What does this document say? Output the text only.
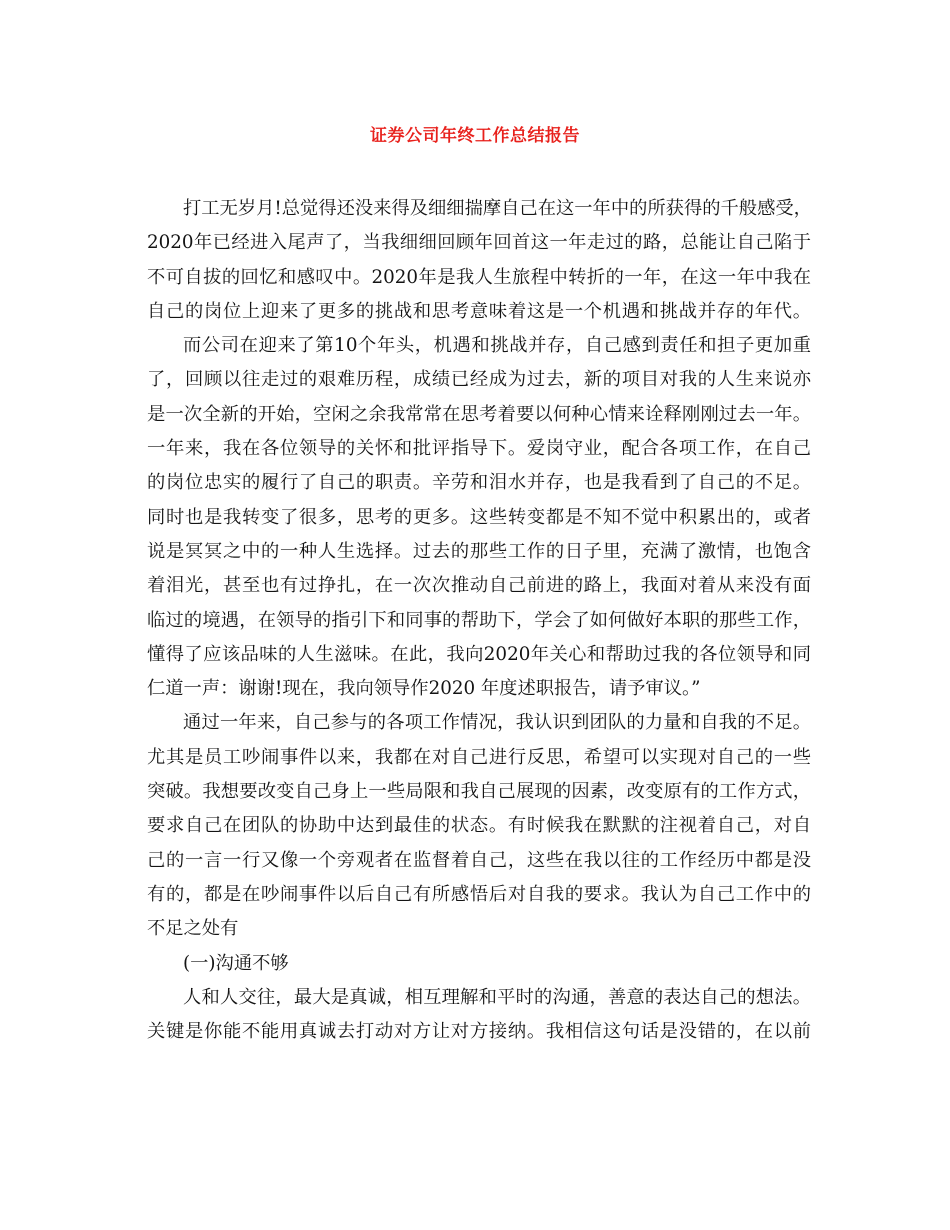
证券公司年终工作总结报告
打工无岁月!总觉得还没来得及细细揣摩自己在这一年中的所获得的千般感受，
2020年已经进入尾声了，当我细细回顾年回首这一年走过的路，总能让自己陷于
不可自拔的回忆和感叹中。2020年是我人生旅程中转折的一年，在这一年中我在
自己的岗位上迎来了更多的挑战和思考意味着这是一个机遇和挑战并存的年代。
而公司在迎来了第10个年头，机遇和挑战并存，自己感到责任和担子更加重
了，回顾以往走过的艰难历程，成绩已经成为过去，新的项目对我的人生来说亦
是一次全新的开始，空闲之余我常常在思考着要以何种心情来诠释刚刚过去一年。
一年来，我在各位领导的关怀和批评指导下。爱岗守业，配合各项工作，在自己
的岗位忠实的履行了自己的职责。辛劳和泪水并存，也是我看到了自己的不足。
同时也是我转变了很多，思考的更多。这些转变都是不知不觉中积累出的，或者
说是冥冥之中的一种人生选择。过去的那些工作的日子里，充满了激情，也饱含
着泪光，甚至也有过挣扎，在一次次推动自己前进的路上，我面对着从来没有面
临过的境遇，在领导的指引下和同事的帮助下，学会了如何做好本职的那些工作，
懂得了应该品味的人生滋味。在此，我向2020年关心和帮助过我的各位领导和同
仁道一声：谢谢!现在，我向领导作2020 年度述职报告，请予审议。”
通过一年来，自己参与的各项工作情况，我认识到团队的力量和自我的不足。
尤其是员工吵闹事件以来，我都在对自己进行反思，希望可以实现对自己的一些
突破。我想要改变自己身上一些局限和我自己展现的因素，改变原有的工作方式，
要求自己在团队的协助中达到最佳的状态。有时候我在默默的注视着自己，对自
己的一言一行又像一个旁观者在监督着自己，这些在我以往的工作经历中都是没
有的，都是在吵闹事件以后自己有所感悟后对自我的要求。我认为自己工作中的
不足之处有
(一)沟通不够
人和人交往，最大是真诚，相互理解和平时的沟通，善意的表达自己的想法。
关键是你能不能用真诚去打动对方让对方接纳。我相信这句话是没错的，在以前
